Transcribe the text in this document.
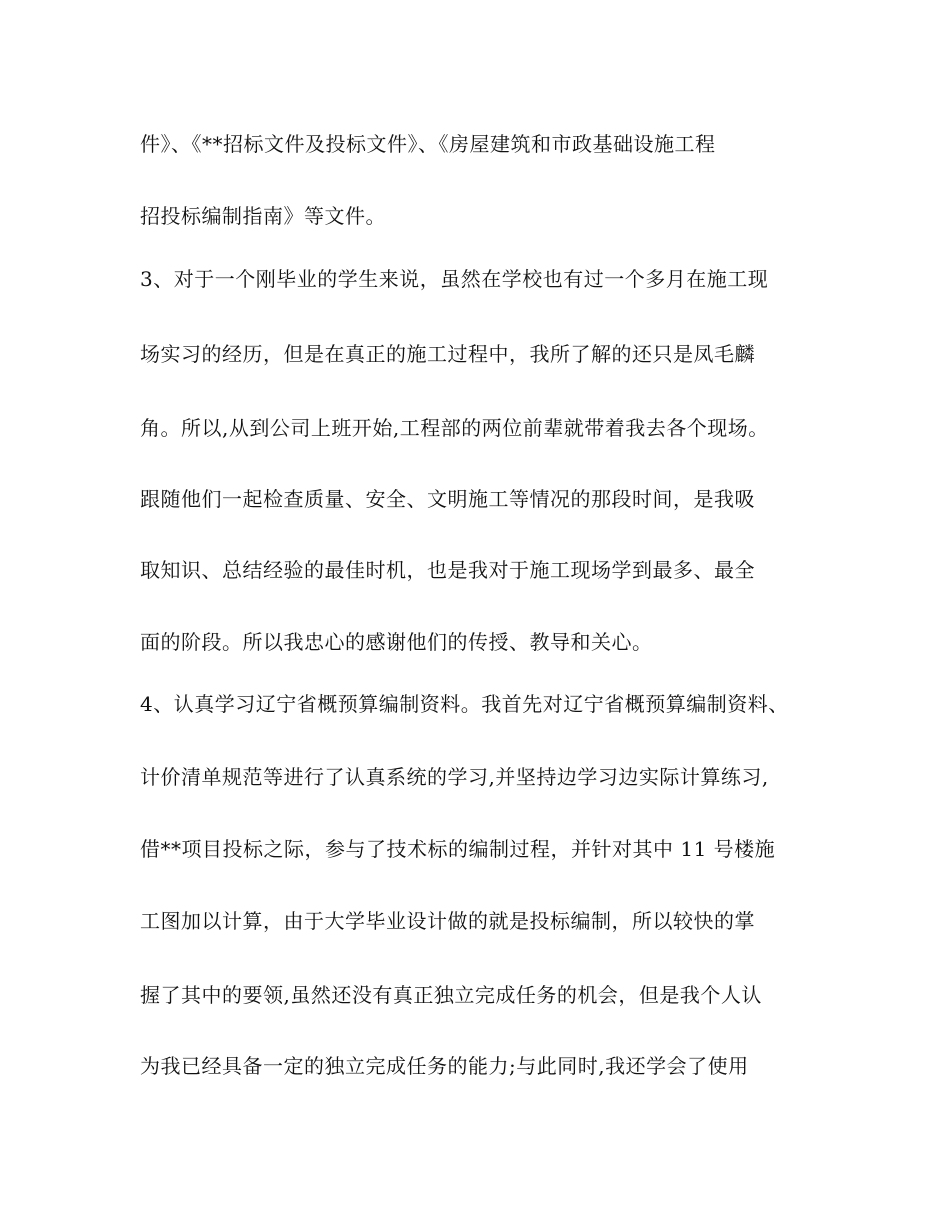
件》、《**招标文件及投标文件》、《房屋建筑和市政基础设施工程
招投标编制指南》等文件。
3、对于一个刚毕业的学生来说，虽然在学校也有过一个多月在施工现
场实习的经历，但是在真正的施工过程中，我所了解的还只是凤毛麟
角。所以,从到公司上班开始,工程部的两位前辈就带着我去各个现场。
跟随他们一起检查质量、安全、文明施工等情况的那段时间，是我吸
取知识、总结经验的最佳时机，也是我对于施工现场学到最多、最全
面的阶段。所以我忠心的感谢他们的传授、教导和关心。
4、认真学习辽宁省概预算编制资料。我首先对辽宁省概预算编制资料、
计价清单规范等进行了认真系统的学习,并坚持边学习边实际计算练习,
借**项目投标之际，参与了技术标的编制过程，并针对其中 11 号楼施
工图加以计算，由于大学毕业设计做的就是投标编制，所以较快的掌
握了其中的要领,虽然还没有真正独立完成任务的机会，但是我个人认
为我已经具备一定的独立完成任务的能力;与此同时,我还学会了使用
